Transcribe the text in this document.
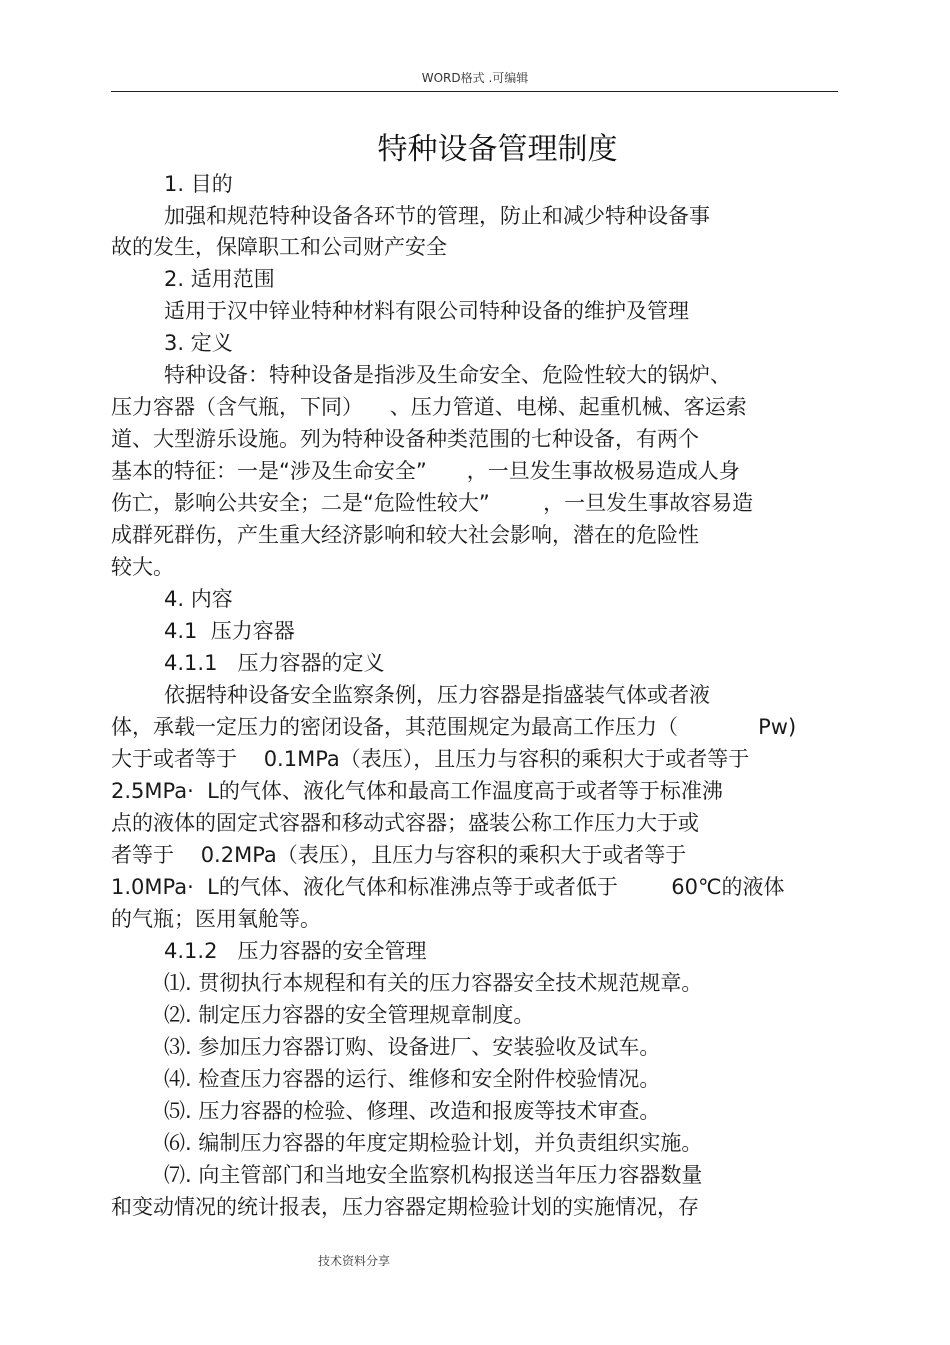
WORD格式 .可编辑
特种设备管理制度
1. 目的
加强和规范特种设备各环节的管理，防止和减少特种设备事
故的发生，保障职工和公司财产安全
2. 适用范围
适用于汉中锌业特种材料有限公司特种设备的维护及管理
3. 定义
特种设备：特种设备是指涉及生命安全、危险性较大的锅炉、
压力容器（含气瓶，下同）    、压力管道、电梯、起重机械、客运索
道、大型游乐设施。列为特种设备种类范围的七种设备，有两个
基本的特征：一是“涉及生命安全”      ，一旦发生事故极易造成人身
伤亡，影响公共安全；二是“危险性较大”        ，一旦发生事故容易造
成群死群伤，产生重大经济影响和较大社会影响，潜在的危险性
较大。
4. 内容
4.1  压力容器
4.1.1   压力容器的定义
依据特种设备安全监察条例，压力容器是指盛装气体或者液
体，承载一定压力的密闭设备，其范围规定为最高工作压力（            Pw)
大于或者等于    0.1MPa（表压），且压力与容积的乘积大于或者等于
2.5MPa·  L的气体、液化气体和最高工作温度高于或者等于标准沸
点的液体的固定式容器和移动式容器；盛装公称工作压力大于或
者等于    0.2MPa（表压），且压力与容积的乘积大于或者等于
1.0MPa·  L的气体、液化气体和标准沸点等于或者低于        60℃的液体
的气瓶；医用氧舱等。
4.1.2   压力容器的安全管理
⑴. 贯彻执行本规程和有关的压力容器安全技术规范规章。
⑵. 制定压力容器的安全管理规章制度。
⑶. 参加压力容器订购、设备进厂、安装验收及试车。
⑷. 检查压力容器的运行、维修和安全附件校验情况。
⑸. 压力容器的检验、修理、改造和报废等技术审查。
⑹. 编制压力容器的年度定期检验计划，并负责组织实施。
⑺. 向主管部门和当地安全监察机构报送当年压力容器数量
和变动情况的统计报表，压力容器定期检验计划的实施情况，存
技术资料分享
